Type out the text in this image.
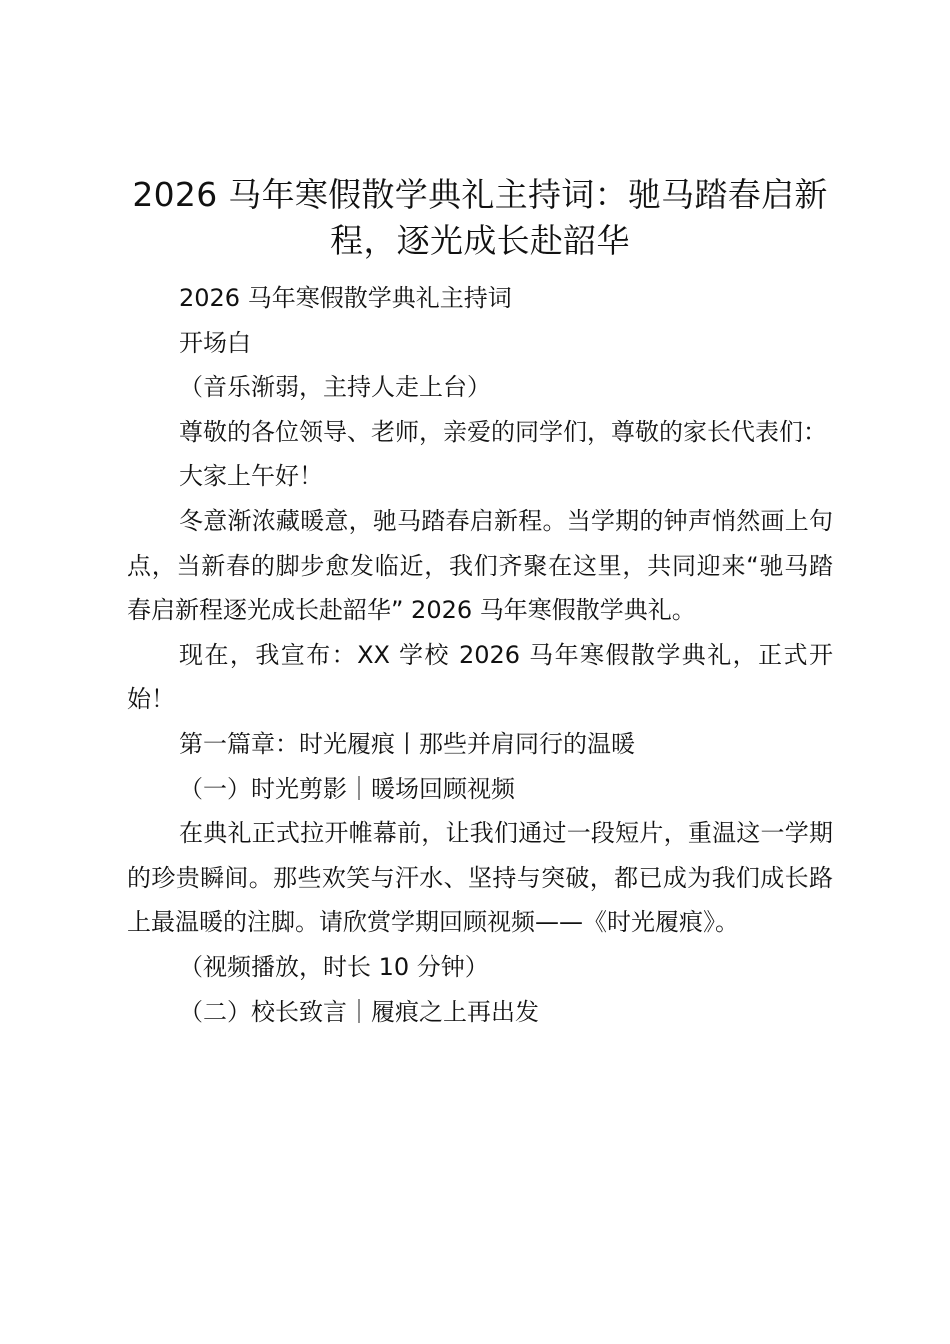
2026 马年寒假散学典礼主持词：驰马踏春启新程，逐光成长赴韶华

2026 马年寒假散学典礼主持词

开场白

（音乐渐弱，主持人走上台）

尊敬的各位领导、老师，亲爱的同学们，尊敬的家长代表们：

大家上午好！

冬意渐浓藏暖意，驰马踏春启新程。当学期的钟声悄然画上句点，当新春的脚步愈发临近，我们齐聚在这里，共同迎来“驰马踏春启新程逐光成长赴韶华” 2026 马年寒假散学典礼。

现在，我宣布：XX 学校 2026 马年寒假散学典礼，正式开始！

第一篇章：时光履痕丨那些并肩同行的温暖

（一）时光剪影｜暖场回顾视频

在典礼正式拉开帷幕前，让我们通过一段短片，重温这一学期的珍贵瞬间。那些欢笑与汗水、坚持与突破，都已成为我们成长路上最温暖的注脚。请欣赏学期回顾视频——《时光履痕》。

（视频播放，时长 10 分钟）

（二）校长致言｜履痕之上再出发
